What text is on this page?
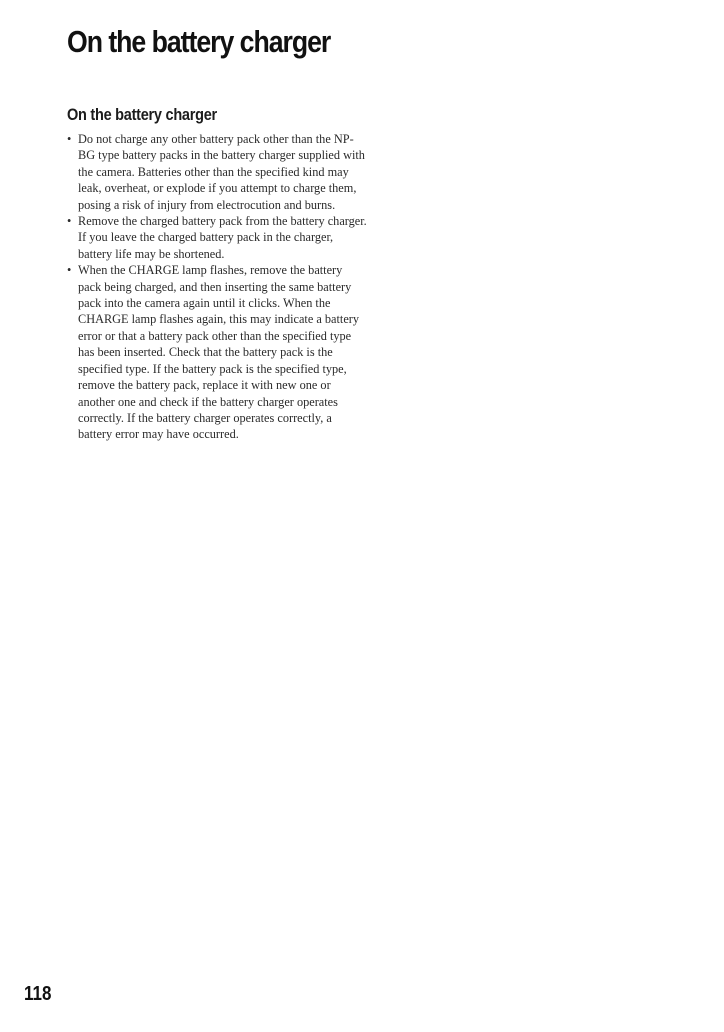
On the battery charger
On the battery charger
• Do not charge any other battery pack other than the NP-BG type battery packs in the battery charger supplied with the camera. Batteries other than the specified kind may leak, overheat, or explode if you attempt to charge them, posing a risk of injury from electrocution and burns.
• Remove the charged battery pack from the battery charger. If you leave the charged battery pack in the charger, battery life may be shortened.
• When the CHARGE lamp flashes, remove the battery pack being charged, and then inserting the same battery pack into the camera again until it clicks. When the CHARGE lamp flashes again, this may indicate a battery error or that a battery pack other than the specified type has been inserted. Check that the battery pack is the specified type. If the battery pack is the specified type, remove the battery pack, replace it with new one or another one and check if the battery charger operates correctly. If the battery charger operates correctly, a battery error may have occurred.
118
